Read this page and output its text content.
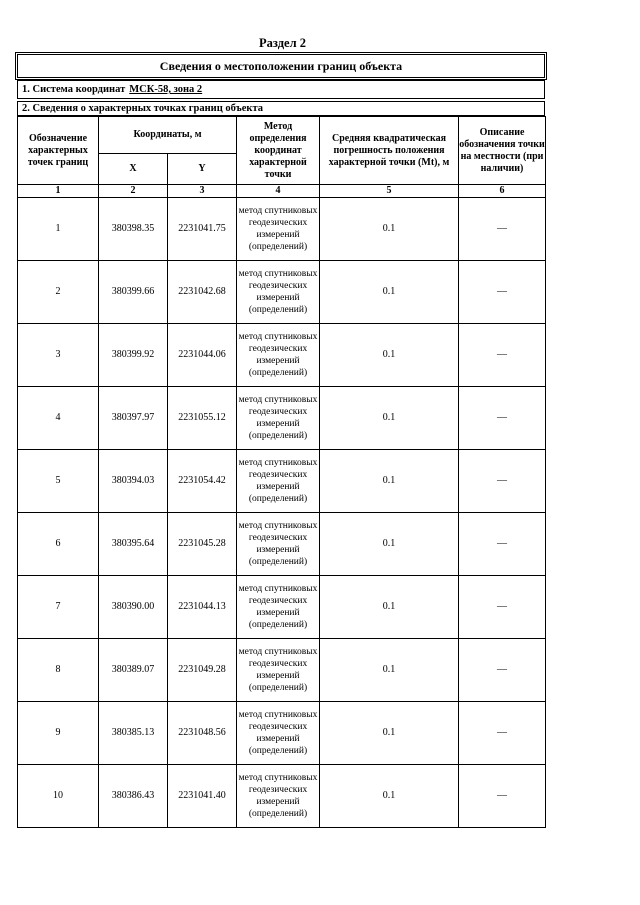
Раздел 2
Сведения о местоположении границ объекта
1. Система координат МСК-58, зона 2
2. Сведения о характерных точках границ объекта
Обозначение характерных точек границ	Координаты, м		Метод определения координат характерной точки	Средняя квадратическая погрешность положения характерной точки (Mt), м	Описание обозначения точки на местности (при наличии)
	X	Y			
1	2	3	4	5	6
1	380398.35	2231041.75	метод спутниковых геодезических измерений (определений)	0.1	—
2	380399.66	2231042.68	метод спутниковых геодезических измерений (определений)	0.1	—
3	380399.92	2231044.06	метод спутниковых геодезических измерений (определений)	0.1	—
4	380397.97	2231055.12	метод спутниковых геодезических измерений (определений)	0.1	—
5	380394.03	2231054.42	метод спутниковых геодезических измерений (определений)	0.1	—
6	380395.64	2231045.28	метод спутниковых геодезических измерений (определений)	0.1	—
7	380390.00	2231044.13	метод спутниковых геодезических измерений (определений)	0.1	—
8	380389.07	2231049.28	метод спутниковых геодезических измерений (определений)	0.1	—
9	380385.13	2231048.56	метод спутниковых геодезических измерений (определений)	0.1	—
10	380386.43	2231041.40	метод спутниковых геодезических измерений (определений)	0.1	—
